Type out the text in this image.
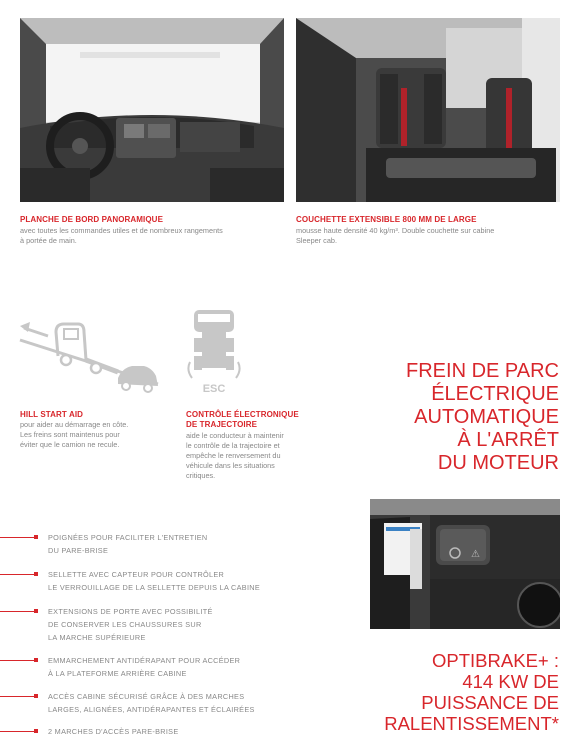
PLANCHE DE BORD PANORAMIQUE
avec toutes les commandes utiles et de nombreux rangements
à portée de main.
COUCHETTE EXTENSIBLE 800 MM DE LARGE
mousse haute densité 40 kg/m³. Double couchette sur cabine
Sleeper cab.
HILL START AID
pour aider au démarrage en côte.
Les freins sont maintenus pour
éviter que le camion ne recule.
ESC
CONTRÔLE ÉLECTRONIQUE
DE TRAJECTOIRE
aide le conducteur à maintenir
le contrôle de la trajectoire et
empêche le renversement du
véhicule dans les situations
critiques.
FREIN DE PARC
ÉLECTRIQUE
AUTOMATIQUE
À L'ARRÊT
DU MOTEUR
⚠
OPTIBRAKE+ :
414 KW DE
PUISSANCE DE
RALENTISSEMENT*
POIGNÉES POUR FACILITER L'ENTRETIEN
DU PARE-BRISE
SELLETTE AVEC CAPTEUR POUR CONTRÔLER
LE VERROUILLAGE DE LA SELLETTE DEPUIS LA CABINE
EXTENSIONS DE PORTE AVEC POSSIBILITÉ
DE CONSERVER LES CHAUSSURES SUR
LA MARCHE SUPÉRIEURE
EMMARCHEMENT ANTIDÉRAPANT POUR ACCÉDER
À LA PLATEFORME ARRIÈRE CABINE
ACCÈS CABINE SÉCURISÉ GRÂCE À DES MARCHES
LARGES, ALIGNÉES, ANTIDÉRAPANTES ET ÉCLAIRÉES
2 MARCHES D'ACCÈS PARE-BRISE
